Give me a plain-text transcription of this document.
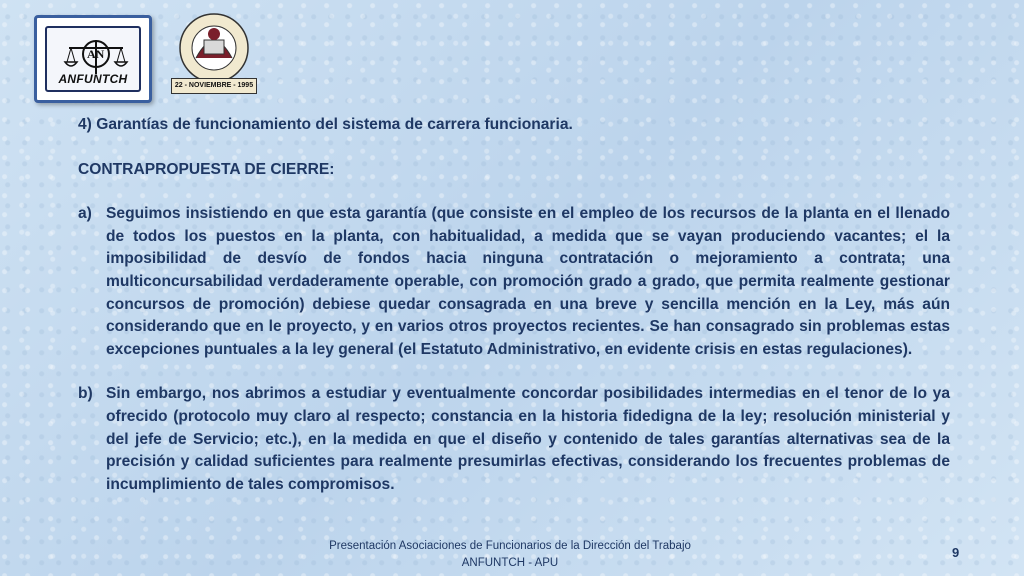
AN
ANFUNTCH	22 - NOVIEMBRE - 1995

4) Garantías de funcionamiento del sistema de carrera funcionaria.

CONTRAPROPUESTA DE CIERRE:

a) Seguimos insistiendo en que esta garantía (que consiste en el empleo de los recursos de la planta en el llenado de todos los puestos en la planta, con habitualidad, a medida que se vayan produciendo vacantes; el la imposibilidad de desvío de fondos hacia ninguna contratación o mejoramiento a contrata; una multiconcursabilidad verdaderamente operable, con promoción grado a grado, que permita realmente gestionar concursos de promoción) debiese quedar consagrada en una breve y sencilla mención en la Ley, más aún considerando que en le proyecto, y en varios otros proyectos recientes. Se han consagrado sin problemas estas excepciones puntuales a la ley general (el Estatuto Administrativo, en evidente crisis en estas regulaciones).
b) Sin embargo, nos abrimos a estudiar y eventualmente concordar posibilidades intermedias en el tenor de lo ya ofrecido (protocolo muy claro al respecto; constancia en la historia fidedigna de la ley; resolución ministerial y del jefe de Servicio; etc.), en la medida en que el diseño y contenido de tales garantías alternativas sea de la precisión y calidad suficientes para realmente presumirlas efectivas, considerando los frecuentes problemas de incumplimiento de tales compromisos.
Presentación Asociaciones de Funcionarios de la Dirección del Trabajo
ANFUNTCH - APU
9
